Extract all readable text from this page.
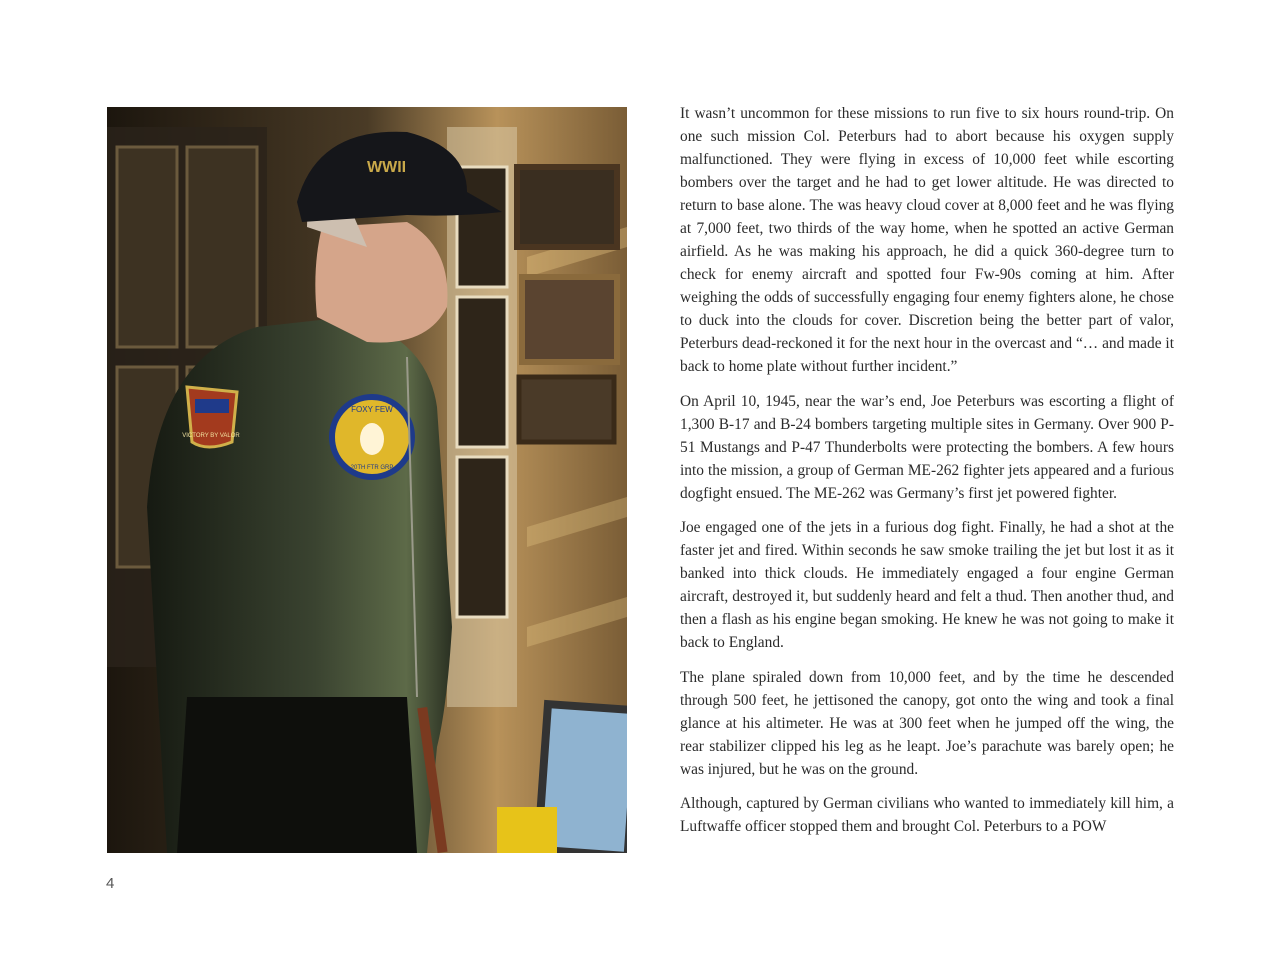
WWII
VICTORY BY VALOR
FOXY FEW
20TH FTR GRP

It wasn’t uncommon for these missions to run five to six hours round-trip. On one such mission Col. Peterburs had to abort because his oxygen supply malfunctioned. They were flying in excess of 10,000 feet while escorting bombers over the target and he had to get lower altitude. He was directed to return to base alone. The was heavy cloud cover at 8,000 feet and he was flying at 7,000 feet, two thirds of the way home, when he spotted an active German airfield. As he was making his approach, he did a quick 360-degree turn to check for enemy aircraft and spotted four Fw-90s coming at him. After weighing the odds of successfully engaging four enemy fighters alone, he chose to duck into the clouds for cover. Discretion being the better part of valor, Peterburs dead-reckoned it for the next hour in the overcast and “… and made it back to home plate without further incident.”

On April 10, 1945, near the war’s end, Joe Peterburs was escorting a flight of 1,300 B-17 and B-24 bombers targeting multiple sites in Germany. Over 900 P-51 Mustangs and P-47 Thunderbolts were protecting the bombers. A few hours into the mission, a group of German ME-262 fighter jets appeared and a furious dogfight ensued. The ME-262 was Germany’s first jet powered fighter.

Joe engaged one of the jets in a furious dog fight. Finally, he had a shot at the faster jet and fired. Within seconds he saw smoke trailing the jet but lost it as it banked into thick clouds. He immediately engaged a four engine German aircraft, destroyed it, but suddenly heard and felt a thud. Then another thud, and then a flash as his engine began smoking. He knew he was not going to make it back to England.

The plane spiraled down from 10,000 feet, and by the time he descended through 500 feet, he jettisoned the canopy, got onto the wing and took a final glance at his altimeter. He was at 300 feet when he jumped off the wing, the rear stabilizer clipped his leg as he leapt. Joe’s parachute was barely open; he was injured, but he was on the ground.

Although, captured by German civilians who wanted to immediately kill him, a Luftwaffe officer stopped them and brought Col. Peterburs to a POW

4
